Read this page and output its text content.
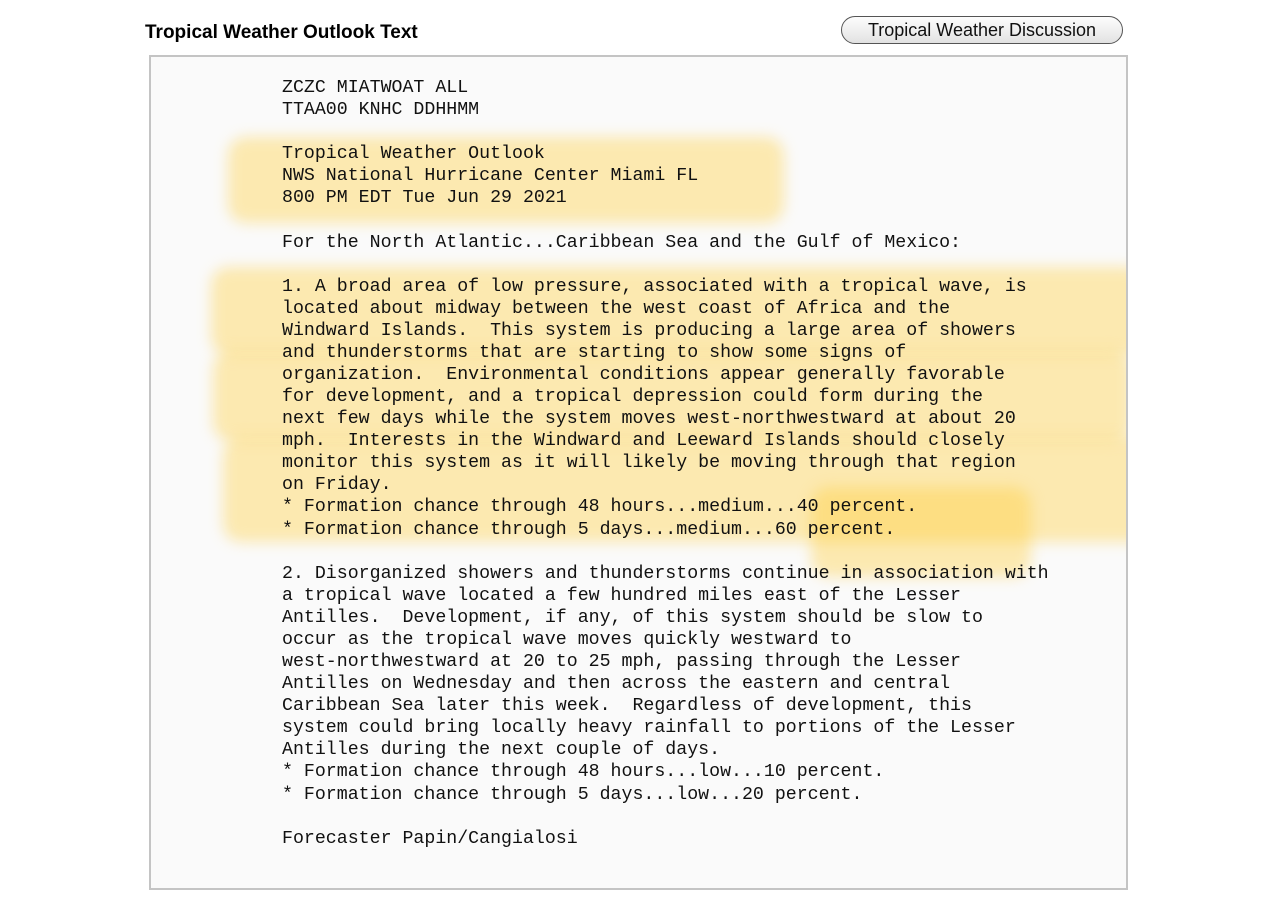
Tropical Weather Outlook Text	Tropical Weather Discussion
ZCZC MIATWOAT ALL
TTAA00 KNHC DDHHMM
Tropical Weather Outlook
NWS National Hurricane Center Miami FL
800 PM EDT Tue Jun 29 2021
For the North Atlantic...Caribbean Sea and the Gulf of Mexico:
1. A broad area of low pressure, associated with a tropical wave, is
located about midway between the west coast of Africa and the
Windward Islands.  This system is producing a large area of showers
and thunderstorms that are starting to show some signs of
organization.  Environmental conditions appear generally favorable
for development, and a tropical depression could form during the
next few days while the system moves west-northwestward at about 20
mph.  Interests in the Windward and Leeward Islands should closely
monitor this system as it will likely be moving through that region
on Friday.
* Formation chance through 48 hours...medium...40 percent.
* Formation chance through 5 days...medium...60 percent.
2. Disorganized showers and thunderstorms continue in association with
a tropical wave located a few hundred miles east of the Lesser
Antilles.  Development, if any, of this system should be slow to
occur as the tropical wave moves quickly westward to
west-northwestward at 20 to 25 mph, passing through the Lesser
Antilles on Wednesday and then across the eastern and central
Caribbean Sea later this week.  Regardless of development, this
system could bring locally heavy rainfall to portions of the Lesser
Antilles during the next couple of days.
* Formation chance through 48 hours...low...10 percent.
* Formation chance through 5 days...low...20 percent.
Forecaster Papin/Cangialosi
